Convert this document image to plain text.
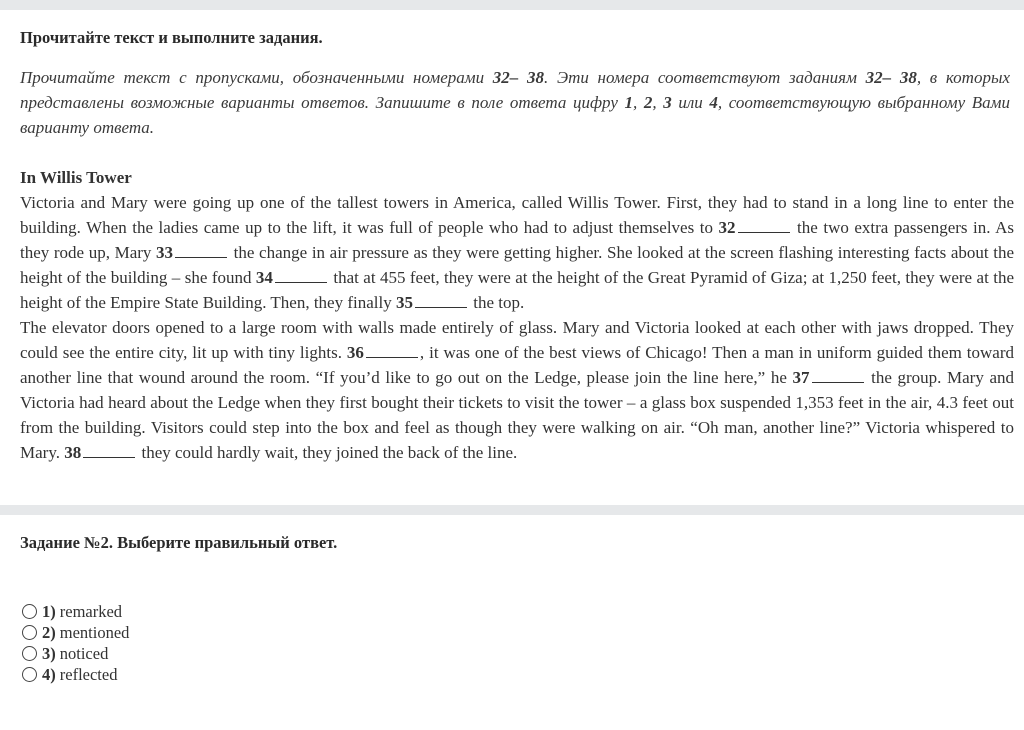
Прочитайте текст и выполните задания.
Прочитайте текст с пропусками, обозначенными номерами 32– 38. Эти номера соответствуют заданиям 32– 38, в которых представлены возможные варианты ответов. Запишите в поле ответа цифру 1, 2, 3 или 4, соответствующую выбранному Вами варианту ответа.
In Willis Tower
Victoria and Mary were going up one of the tallest towers in America, called Willis Tower. First, they had to stand in a long line to enter the building. When the ladies came up to the lift, it was full of people who had to adjust themselves to 32	the two extra passengers in. As they rode up, Mary 33	the change in air pressure as they were getting higher. She looked at the screen flashing interesting facts about the height of the building – she found 34	that at 455 feet, they were at the height of the Great Pyramid of Giza; at 1,250 feet, they were at the height of the Empire State Building. Then, they finally 35	the top.
The elevator doors opened to a large room with walls made entirely of glass. Mary and Victoria looked at each other with jaws dropped. They could see the entire city, lit up with tiny lights. 36	, it was one of the best views of Chicago! Then a man in uniform guided them toward another line that wound around the room. “If you’d like to go out on the Ledge, please join the line here,” he 37	the group. Mary and Victoria had heard about the Ledge when they first bought their tickets to visit the tower – a glass box suspended 1,353 feet in the air, 4.3 feet out from the building. Visitors could step into the box and feel as though they were walking on air. “Oh man, another line?” Victoria whispered to Mary. 38	they could hardly wait, they joined the back of the line.
Задание №2. Выберите правильный ответ.
1) remarked
2) mentioned
3) noticed
4) reflected
